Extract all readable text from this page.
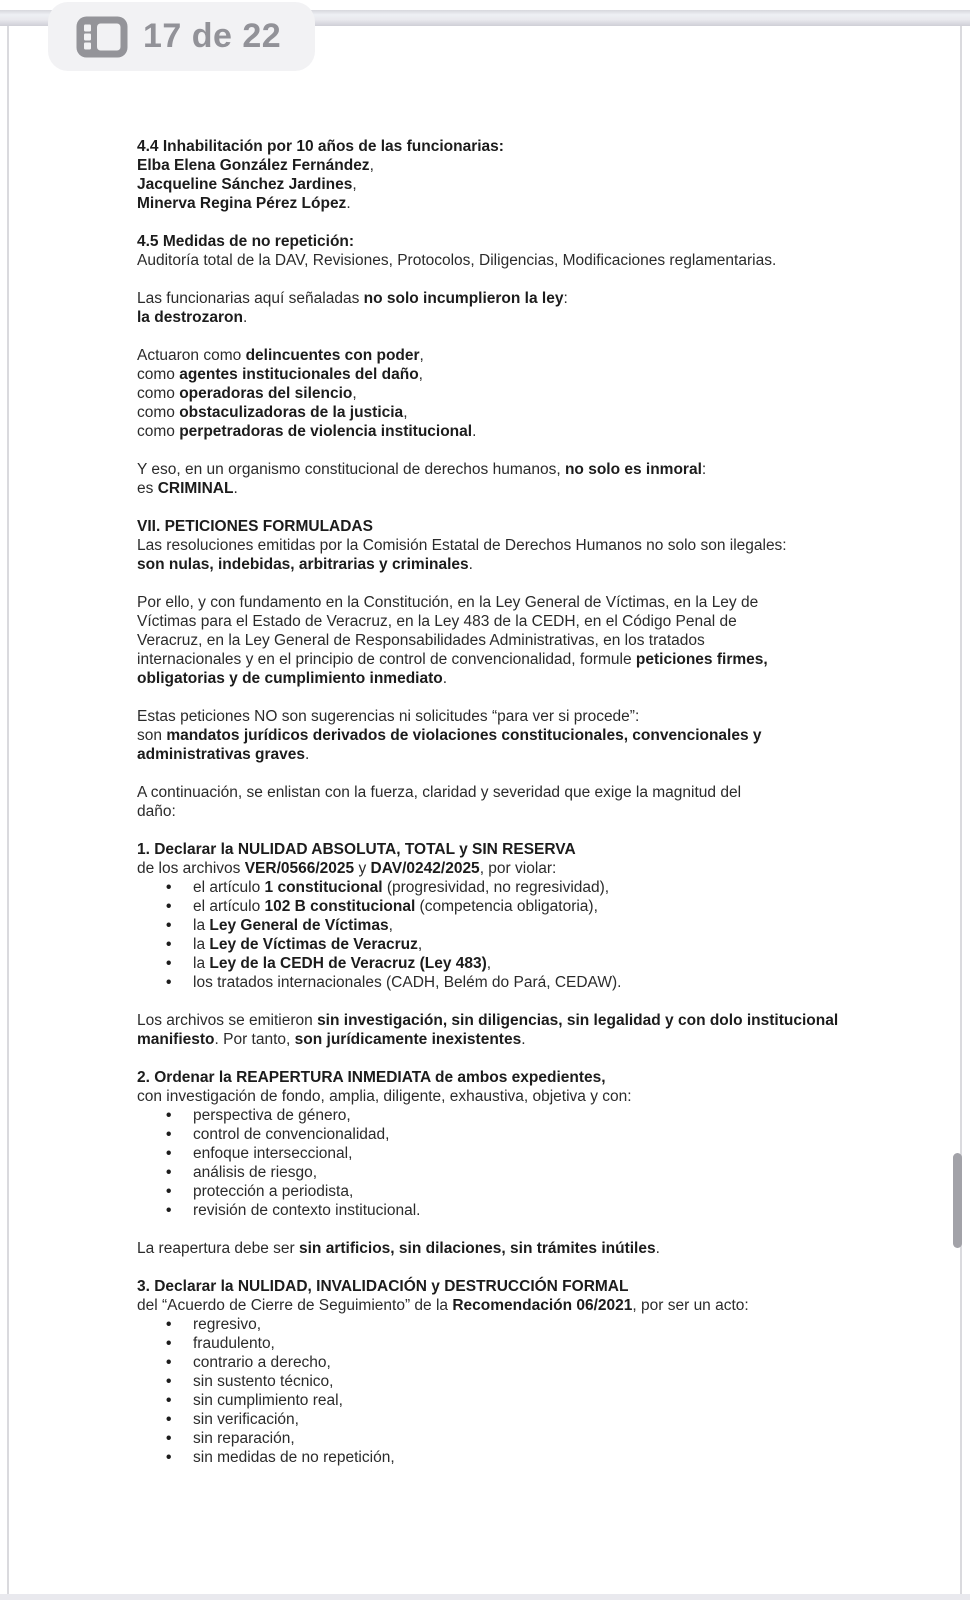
17 de 22
4.4 Inhabilitación por 10 años de las funcionarias:
Elba Elena González Fernández,
Jacqueline Sánchez Jardines,
Minerva Regina Pérez López.
4.5 Medidas de no repetición:
Auditoría total de la DAV, Revisiones, Protocolos, Diligencias, Modificaciones reglamentarias.
Las funcionarias aquí señaladas no solo incumplieron la ley:
la destrozaron.
Actuaron como delincuentes con poder,
como agentes institucionales del daño,
como operadoras del silencio,
como obstaculizadoras de la justicia,
como perpetradoras de violencia institucional.
Y eso, en un organismo constitucional de derechos humanos, no solo es inmoral:
es CRIMINAL.
VII. PETICIONES FORMULADAS
Las resoluciones emitidas por la Comisión Estatal de Derechos Humanos no solo son ilegales:
son nulas, indebidas, arbitrarias y criminales.
Por ello, y con fundamento en la Constitución, en la Ley General de Víctimas, en la Ley de
Víctimas para el Estado de Veracruz, en la Ley 483 de la CEDH, en el Código Penal de
Veracruz, en la Ley General de Responsabilidades Administrativas, en los tratados
internacionales y en el principio de control de convencionalidad, formule peticiones firmes,
obligatorias y de cumplimiento inmediato.
Estas peticiones NO son sugerencias ni solicitudes “para ver si procede”:
son mandatos jurídicos derivados de violaciones constitucionales, convencionales y
administrativas graves.
A continuación, se enlistan con la fuerza, claridad y severidad que exige la magnitud del
daño:
1. Declarar la NULIDAD ABSOLUTA, TOTAL y SIN RESERVA
de los archivos VER/0566/2025 y DAV/0242/2025, por violar:
• el artículo 1 constitucional (progresividad, no regresividad),
• el artículo 102 B constitucional (competencia obligatoria),
• la Ley General de Víctimas,
• la Ley de Víctimas de Veracruz,
• la Ley de la CEDH de Veracruz (Ley 483),
• los tratados internacionales (CADH, Belém do Pará, CEDAW).
Los archivos se emitieron sin investigación, sin diligencias, sin legalidad y con dolo institucional
manifiesto. Por tanto, son jurídicamente inexistentes.
2. Ordenar la REAPERTURA INMEDIATA de ambos expedientes,
con investigación de fondo, amplia, diligente, exhaustiva, objetiva y con:
• perspectiva de género,
• control de convencionalidad,
• enfoque interseccional,
• análisis de riesgo,
• protección a periodista,
• revisión de contexto institucional.
La reapertura debe ser sin artificios, sin dilaciones, sin trámites inútiles.
3. Declarar la NULIDAD, INVALIDACIÓN y DESTRUCCIÓN FORMAL
del “Acuerdo de Cierre de Seguimiento” de la Recomendación 06/2021, por ser un acto:
• regresivo,
• fraudulento,
• contrario a derecho,
• sin sustento técnico,
• sin cumplimiento real,
• sin verificación,
• sin reparación,
• sin medidas de no repetición,
